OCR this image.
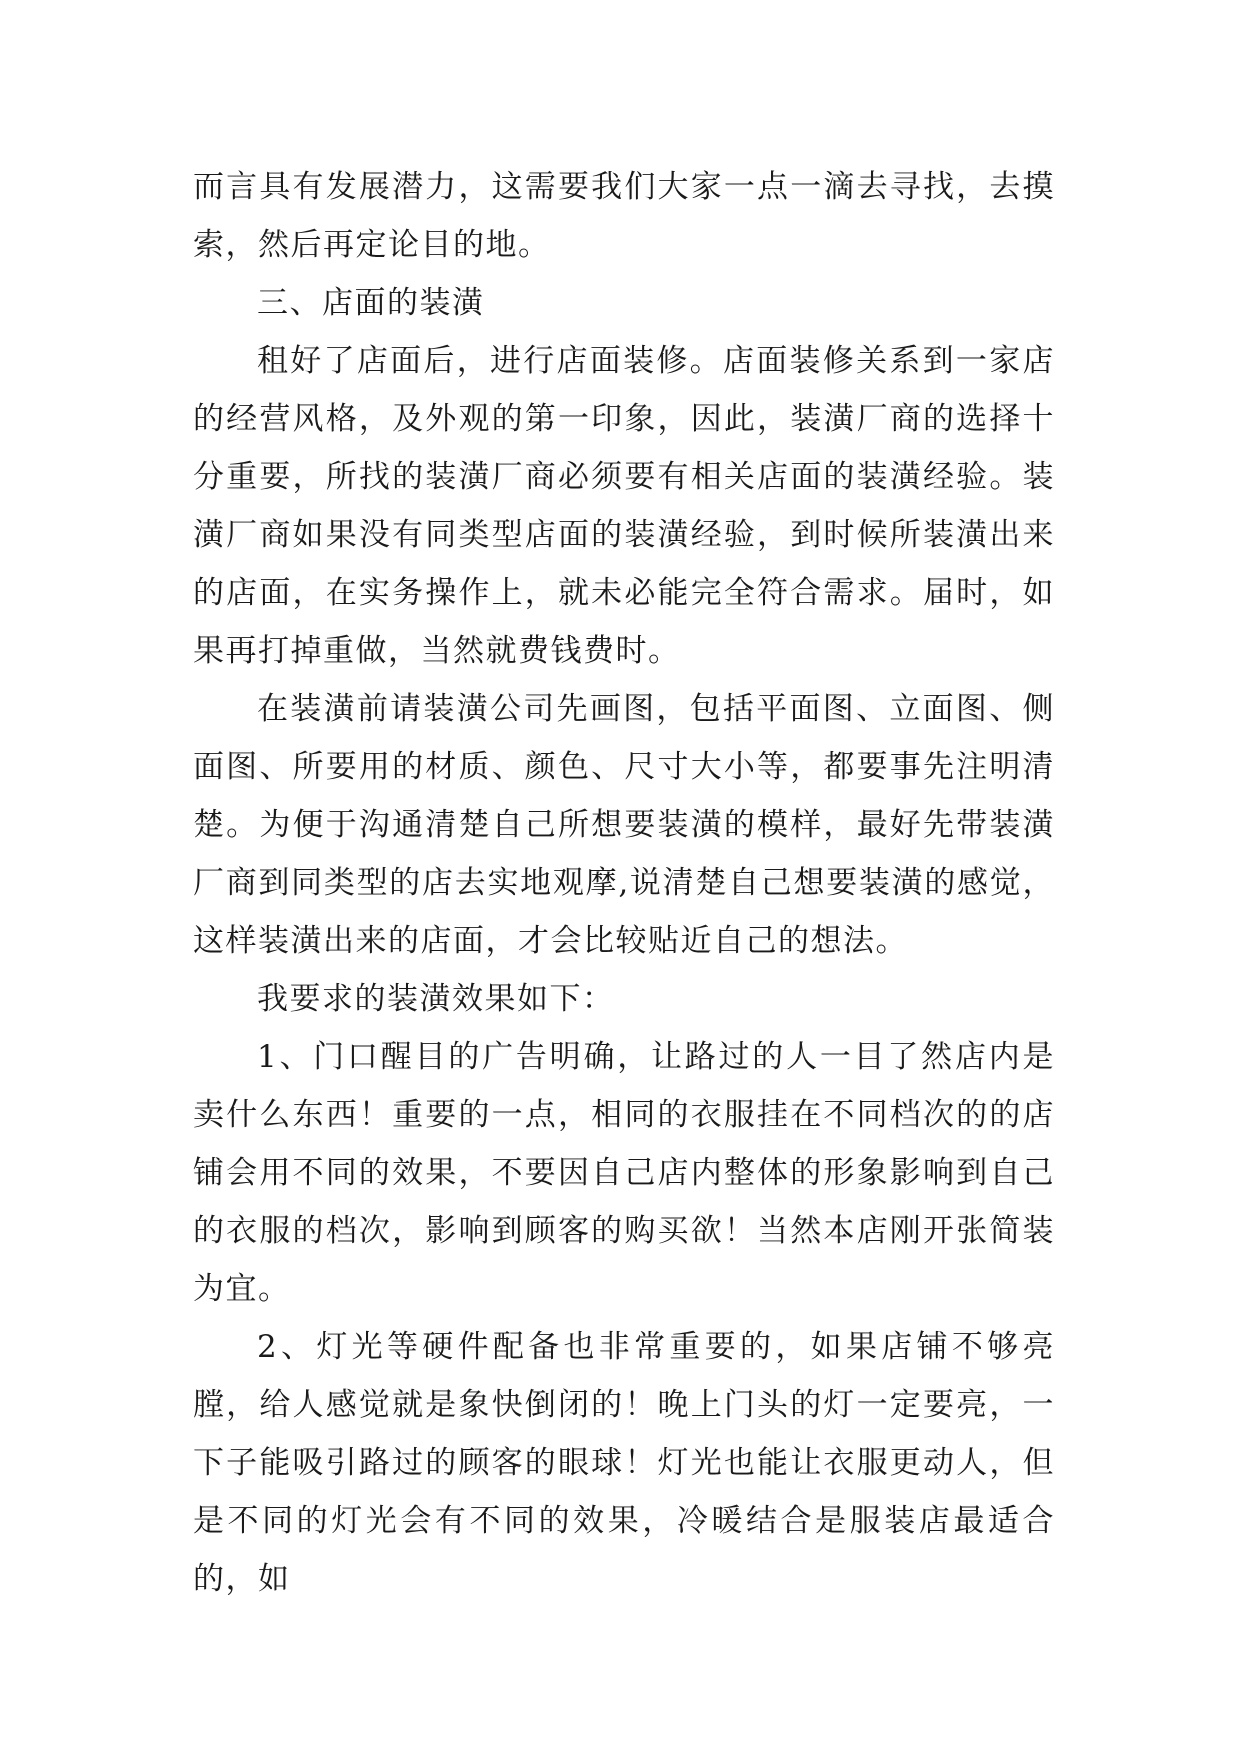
而言具有发展潜力，这需要我们大家一点一滴去寻找，去摸索，然后再定论目的地。

三、店面的装潢

租好了店面后，进行店面装修。店面装修关系到一家店的经营风格，及外观的第一印象，因此，装潢厂商的选择十分重要，所找的装潢厂商必须要有相关店面的装潢经验。装潢厂商如果没有同类型店面的装潢经验，到时候所装潢出来的店面，在实务操作上，就未必能完全符合需求。届时，如果再打掉重做，当然就费钱费时。

在装潢前请装潢公司先画图，包括平面图、立面图、侧面图、所要用的材质、颜色、尺寸大小等，都要事先注明清楚。为便于沟通清楚自己所想要装潢的模样，最好先带装潢厂商到同类型的店去实地观摩,说清楚自己想要装潢的感觉，这样装潢出来的店面，才会比较贴近自己的想法。

我要求的装潢效果如下：

1、门口醒目的广告明确，让路过的人一目了然店内是卖什么东西！重要的一点，相同的衣服挂在不同档次的的店铺会用不同的效果，不要因自己店内整体的形象影响到自己的衣服的档次，影响到顾客的购买欲！当然本店刚开张简装为宜。

2、灯光等硬件配备也非常重要的，如果店铺不够亮膛，给人感觉就是象快倒闭的！晚上门头的灯一定要亮，一下子能吸引路过的顾客的眼球！灯光也能让衣服更动人，但是不同的灯光会有不同的效果，冷暖结合是服装店最适合的，如
